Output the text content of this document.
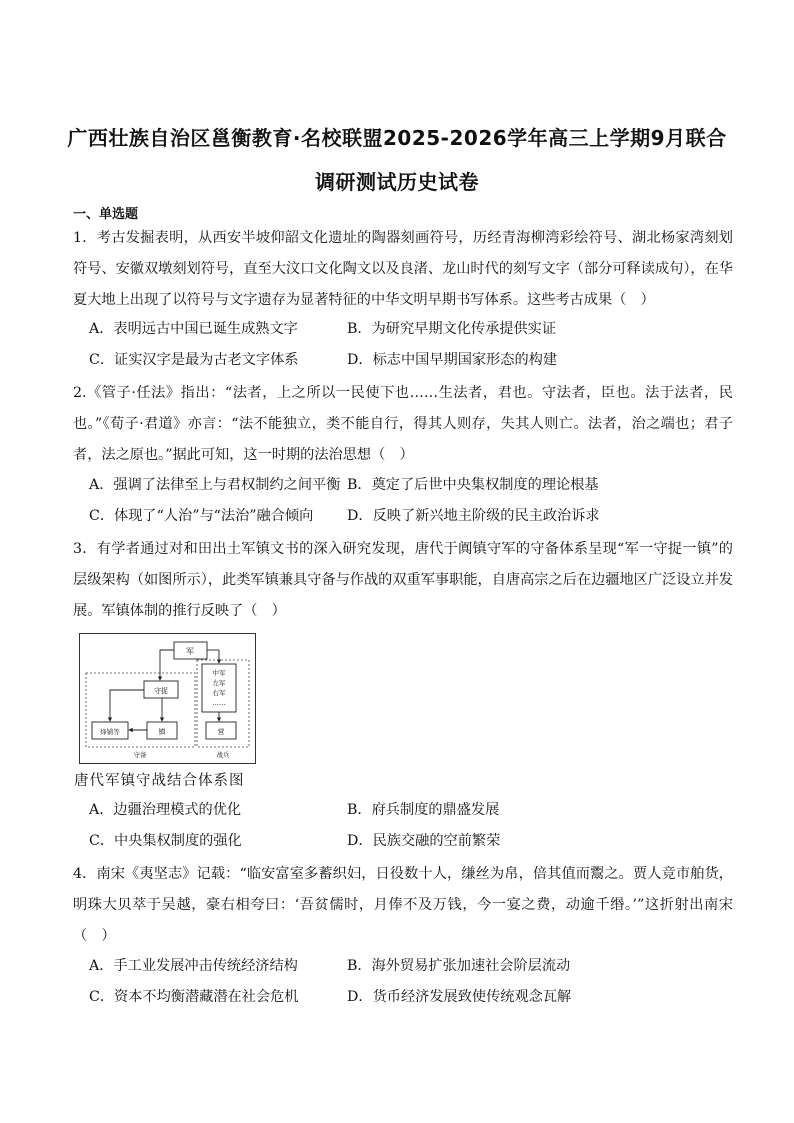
广西壮族自治区邕衡教育·名校联盟2025-2026学年高三上学期9月联合
调研测试历史试卷
一、单选题
1．考古发掘表明，从西安半坡仰韶文化遗址的陶器刻画符号，历经青海柳湾彩绘符号、湖北杨家湾刻划符号、安徽双墩刻划符号，直至大汶口文化陶文以及良渚、龙山时代的刻写文字（部分可释读成句），在华夏大地上出现了以符号与文字遗存为显著特征的中华文明早期书写体系。这些考古成果（　）
A．表明远古中国已诞生成熟文字	B．为研究早期文化传承提供实证
C．证实汉字是最为古老文字体系	D．标志中国早期国家形态的构建
2.《管子·任法》指出：“法者，上之所以一民使下也……生法者，君也。守法者，臣也。法于法者，民也。”《荀子·君道》亦言：“法不能独立，类不能自行，得其人则存，失其人则亡。法者，治之端也；君子者，法之原也。”据此可知，这一时期的法治思想（　）
A．强调了法律至上与君权制约之间平衡 B．奠定了后世中央集权制度的理论根基
C．体现了“人治”与“法治”融合倾向 D．反映了新兴地主阶级的民主政治诉求
3．有学者通过对和田出土军镇文书的深入研究发现，唐代于阗镇守军的守备体系呈现“军一守捉一镇”的层级架构（如图所示），此类军镇兼具守备与作战的双重军事职能，自唐高宗之后在边疆地区广泛设立并发展。军镇体制的推行反映了（　）
军
守捉
镇
烽铺等
中军
左军
右军
……
营
守备	战兵
唐代军镇守战结合体系图
A．边疆治理模式的优化	B．府兵制度的鼎盛发展
C．中央集权制度的强化	D．民族交融的空前繁荣
4．南宋《夷坚志》记载：“临安富室多蓄织妇，日役数十人，缣丝为帛，倍其值而鬻之。贾人竞市舶货，明珠大贝萃于吴越，豪右相夸曰：‘吾贫儒时，月俸不及万钱，今一宴之费，动逾千缗。’”这折射出南宋（　）
A．手工业发展冲击传统经济结构	B．海外贸易扩张加速社会阶层流动
C．资本不均衡潜藏潜在社会危机	D．货币经济发展致使传统观念瓦解
